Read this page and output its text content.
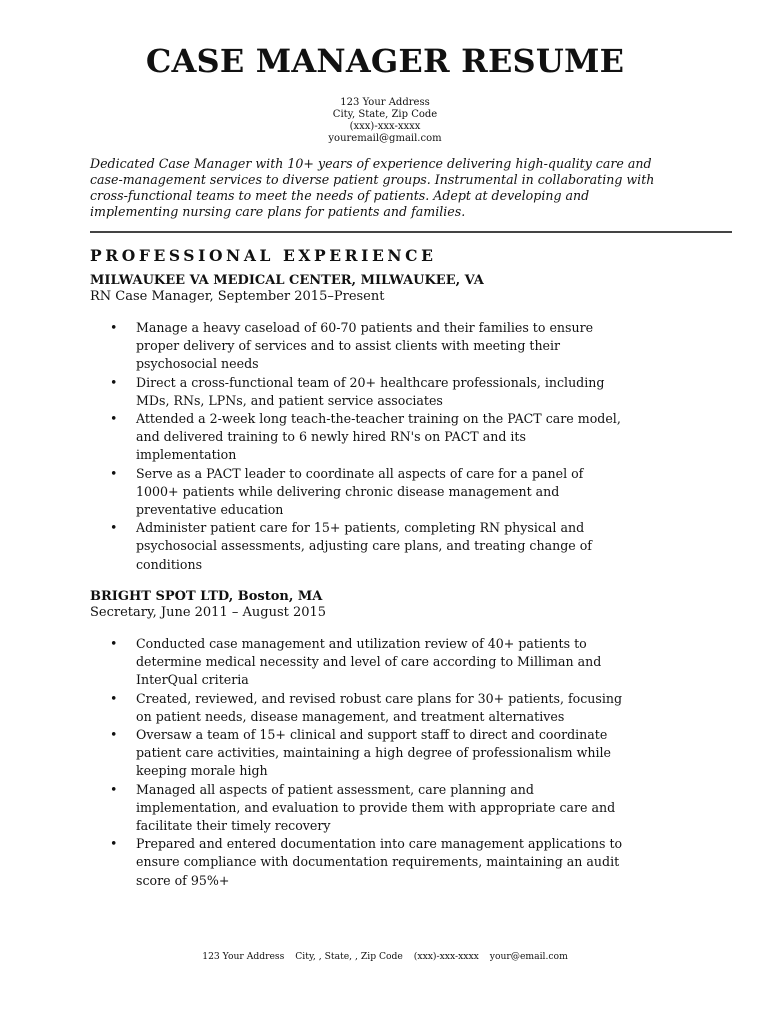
CASE MANAGER RESUME
123 Your Address
City, State, Zip Code
(xxx)-xxx-xxxx
youremail@gmail.com
Dedicated Case Manager with 10+ years of experience delivering high-quality care and case-management services to diverse patient groups. Instrumental in collaborating with cross-functional teams to meet the needs of patients. Adept at developing and implementing nursing care plans for patients and families.
PROFESSIONAL EXPERIENCE
MILWAUKEE VA MEDICAL CENTER, MILWAUKEE, VA
RN Case Manager, September 2015–Present
• Manage a heavy caseload of 60-70 patients and their families to ensure proper delivery of services and to assist clients with meeting their psychosocial needs
• Direct a cross-functional team of 20+ healthcare professionals, including MDs, RNs, LPNs, and patient service associates
• Attended a 2-week long teach-the-teacher training on the PACT care model, and delivered training to 6 newly hired RN's on PACT and its implementation
• Serve as a PACT leader to coordinate all aspects of care for a panel of 1000+ patients while delivering chronic disease management and preventative education
• Administer patient care for 15+ patients, completing RN physical and psychosocial assessments, adjusting care plans, and treating change of conditions
BRIGHT SPOT LTD, Boston, MA
Secretary, June 2011 – August 2015
• Conducted case management and utilization review of 40+ patients to determine medical necessity and level of care according to Milliman and InterQual criteria
• Created, reviewed, and revised robust care plans for 30+ patients, focusing on patient needs, disease management, and treatment alternatives
• Oversaw a team of 15+ clinical and support staff to direct and coordinate patient care activities, maintaining a high degree of professionalism while keeping morale high
• Managed all aspects of patient assessment, care planning and implementation, and evaluation to provide them with appropriate care and facilitate their timely recovery
• Prepared and entered documentation into care management applications to ensure compliance with documentation requirements, maintaining an audit score of 95%+
123 Your Address City, , State, , Zip Code (xxx)-xxx-xxxx your@email.com
